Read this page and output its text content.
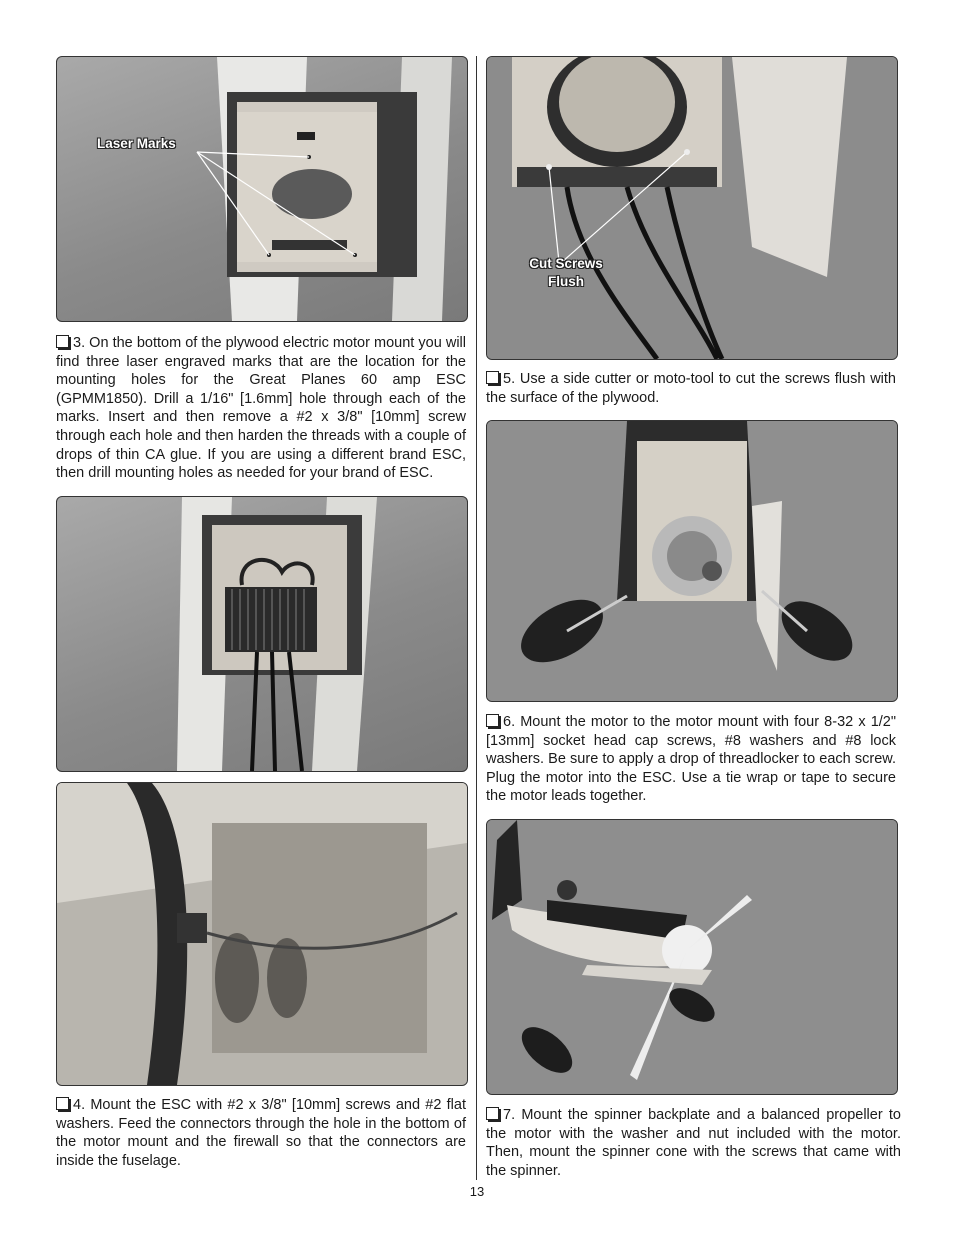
Laser Marks
3. On the bottom of the plywood electric motor mount you will find three laser engraved marks that are the location for the mounting holes for the Great Planes 60 amp ESC (GPMM1850). Drill a 1/16" [1.6mm] hole through each of the marks. Insert and then remove a #2 x 3/8" [10mm] screw through each hole and then harden the threads with a couple of drops of thin CA glue. If you are using a different brand ESC, then drill mounting holes as needed for your brand of ESC.
4. Mount the ESC with #2 x 3/8" [10mm] screws and #2 flat washers. Feed the connectors through the hole in the bottom of the motor mount and the firewall so that the connectors are inside the fuselage.
Cut Screws
Flush
5. Use a side cutter or moto-tool to cut the screws flush with the surface of the plywood.
6. Mount the motor to the motor mount with four 8-32 x 1/2" [13mm] socket head cap screws, #8 washers and #8 lock washers. Be sure to apply a drop of threadlocker to each screw. Plug the motor into the ESC. Use a tie wrap or tape to secure the motor leads together.
7. Mount the spinner backplate and a balanced propeller to the motor with the washer and nut included with the motor. Then, mount the spinner cone with the screws that came with the spinner.
13
